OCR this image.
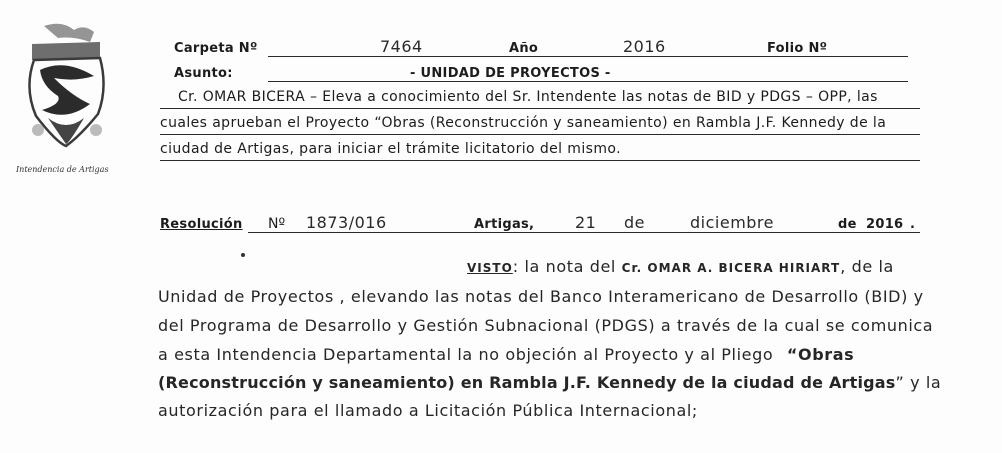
Intendencia de Artigas
Carpeta Nº	7464	Año	2016	Folio Nº
Asunto:	- UNIDAD DE PROYECTOS -
Cr. OMAR BICERA – Eleva a conocimiento del Sr. Intendente las notas de BID y PDGS – OPP, las
cuales aprueban el Proyecto “Obras (Reconstrucción y saneamiento) en Rambla J.F. Kennedy de la
ciudad de Artigas, para iniciar el trámite licitatorio del mismo.
Resolución Nº 1873/016	Artigas,	21 de	diciembre	de 2016 .
VISTO: la nota del Cr. OMAR A. BICERA HIRIART, de la
Unidad de Proyectos , elevando las notas del Banco Interamericano de Desarrollo (BID) y
del Programa de Desarrollo y Gestión Subnacional (PDGS) a través de la cual se comunica
a esta Intendencia Departamental la no objeción al Proyecto y al Pliego “Obras
(Reconstrucción y saneamiento) en Rambla J.F. Kennedy de la ciudad de Artigas” y la
autorización para el llamado a Licitación Pública Internacional;
